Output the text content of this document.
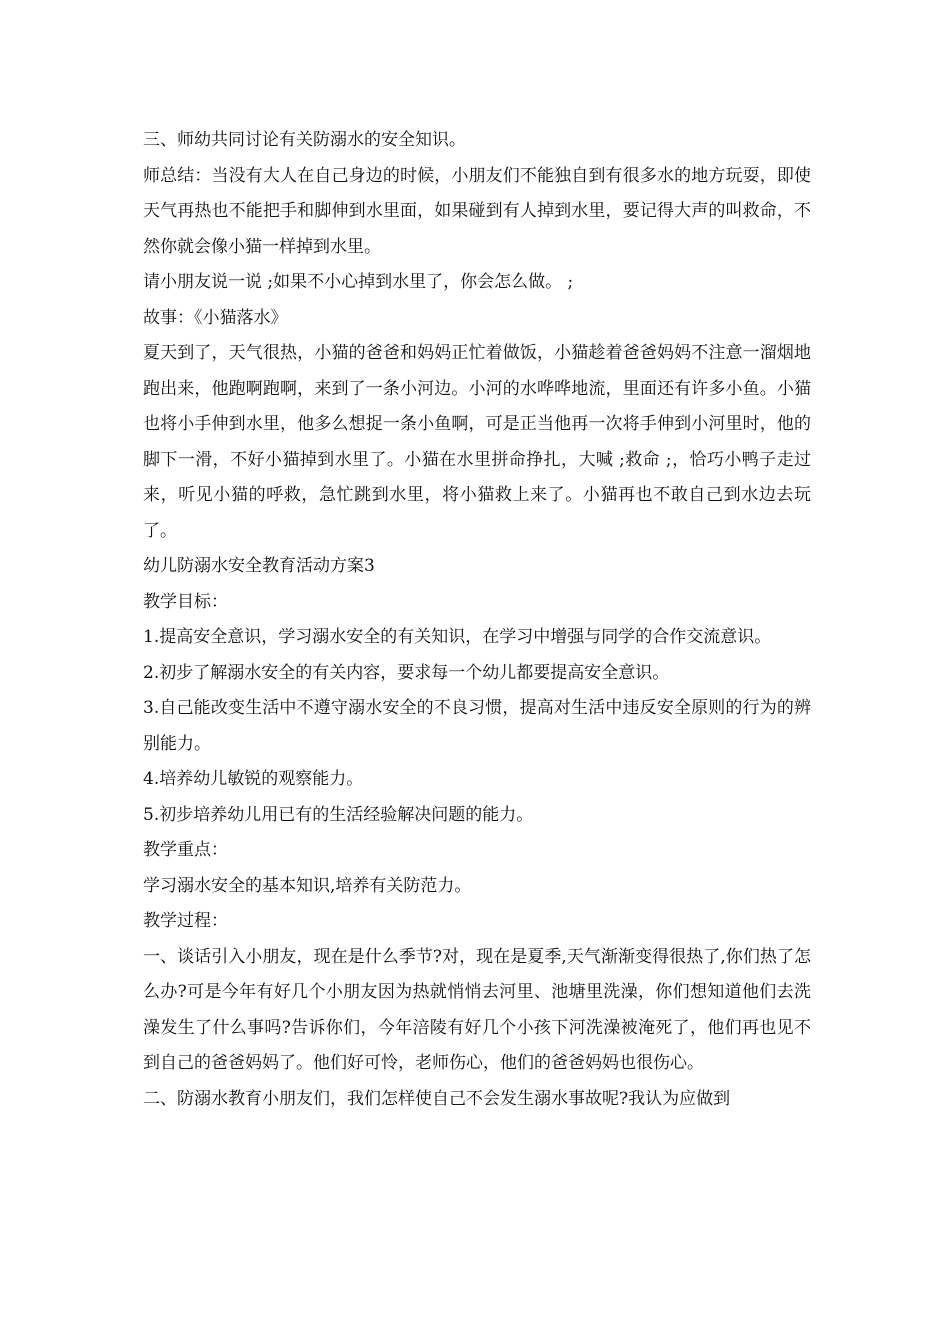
三、师幼共同讨论有关防溺水的安全知识。

师总结：当没有大人在自己身边的时候，小朋友们不能独自到有很多水的地方玩耍，即使天气再热也不能把手和脚伸到水里面，如果碰到有人掉到水里，要记得大声的叫救命，不然你就会像小猫一样掉到水里。

请小朋友说一说 ;如果不小心掉到水里了，你会怎么做。 ;

故事：《小猫落水》

夏天到了，天气很热，小猫的爸爸和妈妈正忙着做饭，小猫趁着爸爸妈妈不注意一溜烟地跑出来，他跑啊跑啊，来到了一条小河边。小河的水哗哗地流，里面还有许多小鱼。小猫也将小手伸到水里，他多么想捉一条小鱼啊，可是正当他再一次将手伸到小河里时，他的脚下一滑，不好小猫掉到水里了。小猫在水里拼命挣扎，大喊 ;救命 ;，恰巧小鸭子走过来，听见小猫的呼救，急忙跳到水里，将小猫救上来了。小猫再也不敢自己到水边去玩了。

幼儿防溺水安全教育活动方案3

教学目标：

1.提高安全意识，学习溺水安全的有关知识，在学习中增强与同学的合作交流意识。

2.初步了解溺水安全的有关内容，要求每一个幼儿都要提高安全意识。

3.自己能改变生活中不遵守溺水安全的不良习惯，提高对生活中违反安全原则的行为的辨别能力。

4.培养幼儿敏锐的观察能力。

5.初步培养幼儿用已有的生活经验解决问题的能力。

教学重点：

学习溺水安全的基本知识,培养有关防范力。

教学过程：

一、谈话引入小朋友，现在是什么季节?对，现在是夏季,天气渐渐变得很热了,你们热了怎么办?可是今年有好几个小朋友因为热就悄悄去河里、池塘里洗澡，你们想知道他们去洗澡发生了什么事吗?告诉你们，今年涪陵有好几个小孩下河洗澡被淹死了，他们再也见不到自己的爸爸妈妈了。他们好可怜，老师伤心，他们的爸爸妈妈也很伤心。

二、防溺水教育小朋友们，我们怎样使自己不会发生溺水事故呢?我认为应做到
